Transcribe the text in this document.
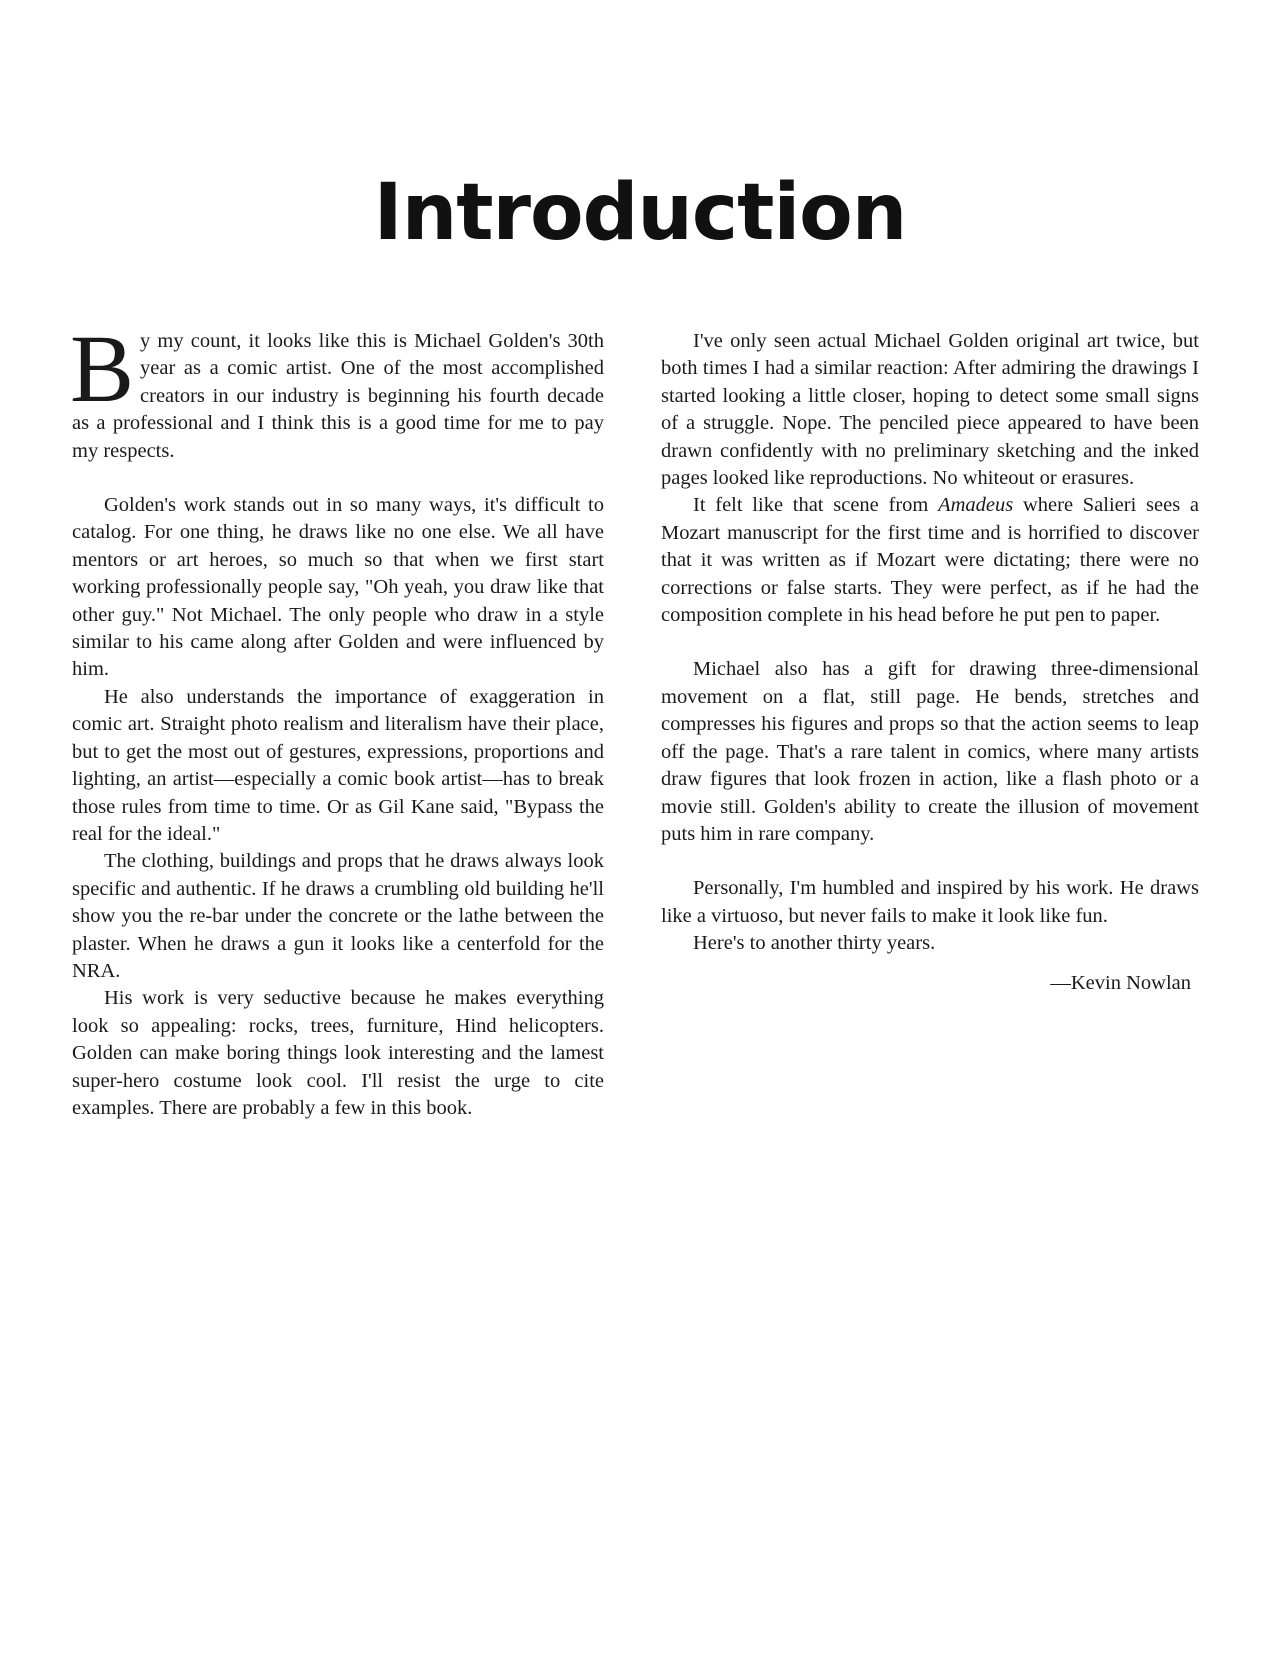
Introduction

By my count, it looks like this is Michael Golden's 30th year as a comic artist. One of the most accomplished creators in our industry is beginning his fourth decade as a professional and I think this is a good time for me to pay my respects.

Golden's work stands out in so many ways, it's difficult to catalog. For one thing, he draws like no one else. We all have mentors or art heroes, so much so that when we first start working professionally people say, "Oh yeah, you draw like that other guy." Not Michael. The only people who draw in a style similar to his came along after Golden and were influenced by him.

He also understands the importance of exaggeration in comic art. Straight photo realism and literalism have their place, but to get the most out of gestures, expressions, proportions and lighting, an artist—especially a comic book artist—has to break those rules from time to time. Or as Gil Kane said, "Bypass the real for the ideal."

The clothing, buildings and props that he draws always look specific and authentic. If he draws a crumbling old building he'll show you the re-bar under the concrete or the lathe between the plaster. When he draws a gun it looks like a centerfold for the NRA.

His work is very seductive because he makes everything look so appealing: rocks, trees, furniture, Hind helicopters. Golden can make boring things look interesting and the lamest super-hero costume look cool. I'll resist the urge to cite examples. There are probably a few in this book.

I've only seen actual Michael Golden original art twice, but both times I had a similar reaction: After admiring the drawings I started looking a little closer, hoping to detect some small signs of a struggle. Nope. The penciled piece appeared to have been drawn confidently with no preliminary sketching and the inked pages looked like reproductions. No whiteout or erasures.

It felt like that scene from Amadeus where Salieri sees a Mozart manuscript for the first time and is horrified to discover that it was written as if Mozart were dictating; there were no corrections or false starts. They were perfect, as if he had the composition complete in his head before he put pen to paper.

Michael also has a gift for drawing three-dimensional movement on a flat, still page. He bends, stretches and compresses his figures and props so that the action seems to leap off the page. That's a rare talent in comics, where many artists draw figures that look frozen in action, like a flash photo or a movie still. Golden's ability to create the illusion of movement puts him in rare company.

Personally, I'm humbled and inspired by his work. He draws like a virtuoso, but never fails to make it look like fun.

Here's to another thirty years.

—Kevin Nowlan
